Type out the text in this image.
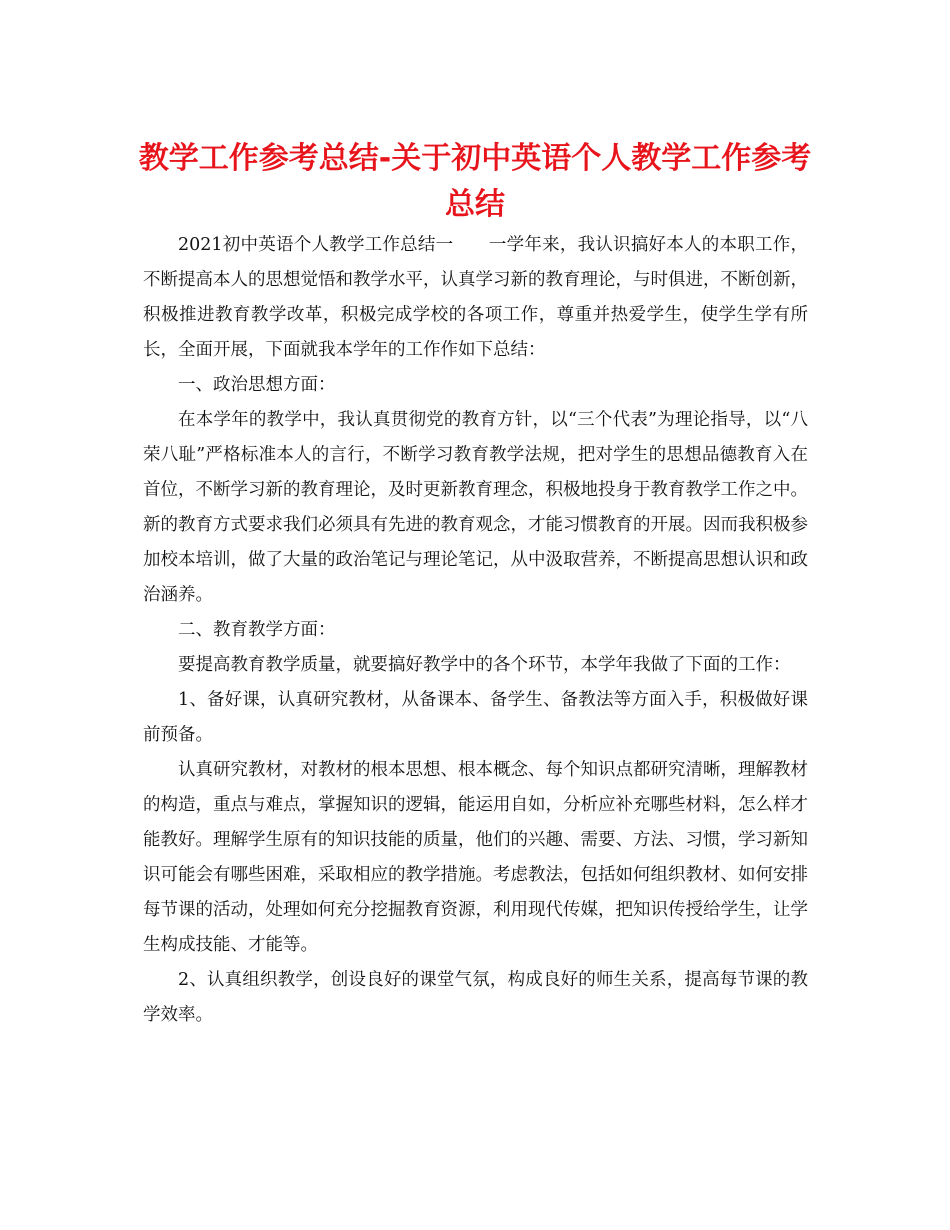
教学工作参考总结-关于初中英语个人教学工作参考总结

2021初中英语个人教学工作总结一　　一学年来，我认识搞好本人的本职工作，不断提高本人的思想觉悟和教学水平，认真学习新的教育理论，与时俱进，不断创新，积极推进教育教学改革，积极完成学校的各项工作，尊重并热爱学生，使学生学有所长，全面开展，下面就我本学年的工作作如下总结：

一、政治思想方面：

在本学年的教学中，我认真贯彻党的教育方针，以“三个代表”为理论指导，以“八荣八耻”严格标准本人的言行，不断学习教育教学法规，把对学生的思想品德教育入在首位，不断学习新的教育理论，及时更新教育理念，积极地投身于教育教学工作之中。新的教育方式要求我们必须具有先进的教育观念，才能习惯教育的开展。因而我积极参加校本培训，做了大量的政治笔记与理论笔记，从中汲取营养，不断提高思想认识和政治涵养。

二、教育教学方面：

要提高教育教学质量，就要搞好教学中的各个环节，本学年我做了下面的工作：

1、备好课，认真研究教材，从备课本、备学生、备教法等方面入手，积极做好课前预备。

认真研究教材，对教材的根本思想、根本概念、每个知识点都研究清晰，理解教材的构造，重点与难点，掌握知识的逻辑，能运用自如，分析应补充哪些材料，怎么样才能教好。理解学生原有的知识技能的质量，他们的兴趣、需要、方法、习惯，学习新知识可能会有哪些困难，采取相应的教学措施。考虑教法，包括如何组织教材、如何安排每节课的活动，处理如何充分挖掘教育资源，利用现代传媒，把知识传授给学生，让学生构成技能、才能等。

2、认真组织教学，创设良好的课堂气氛，构成良好的师生关系，提高每节课的教学效率。
